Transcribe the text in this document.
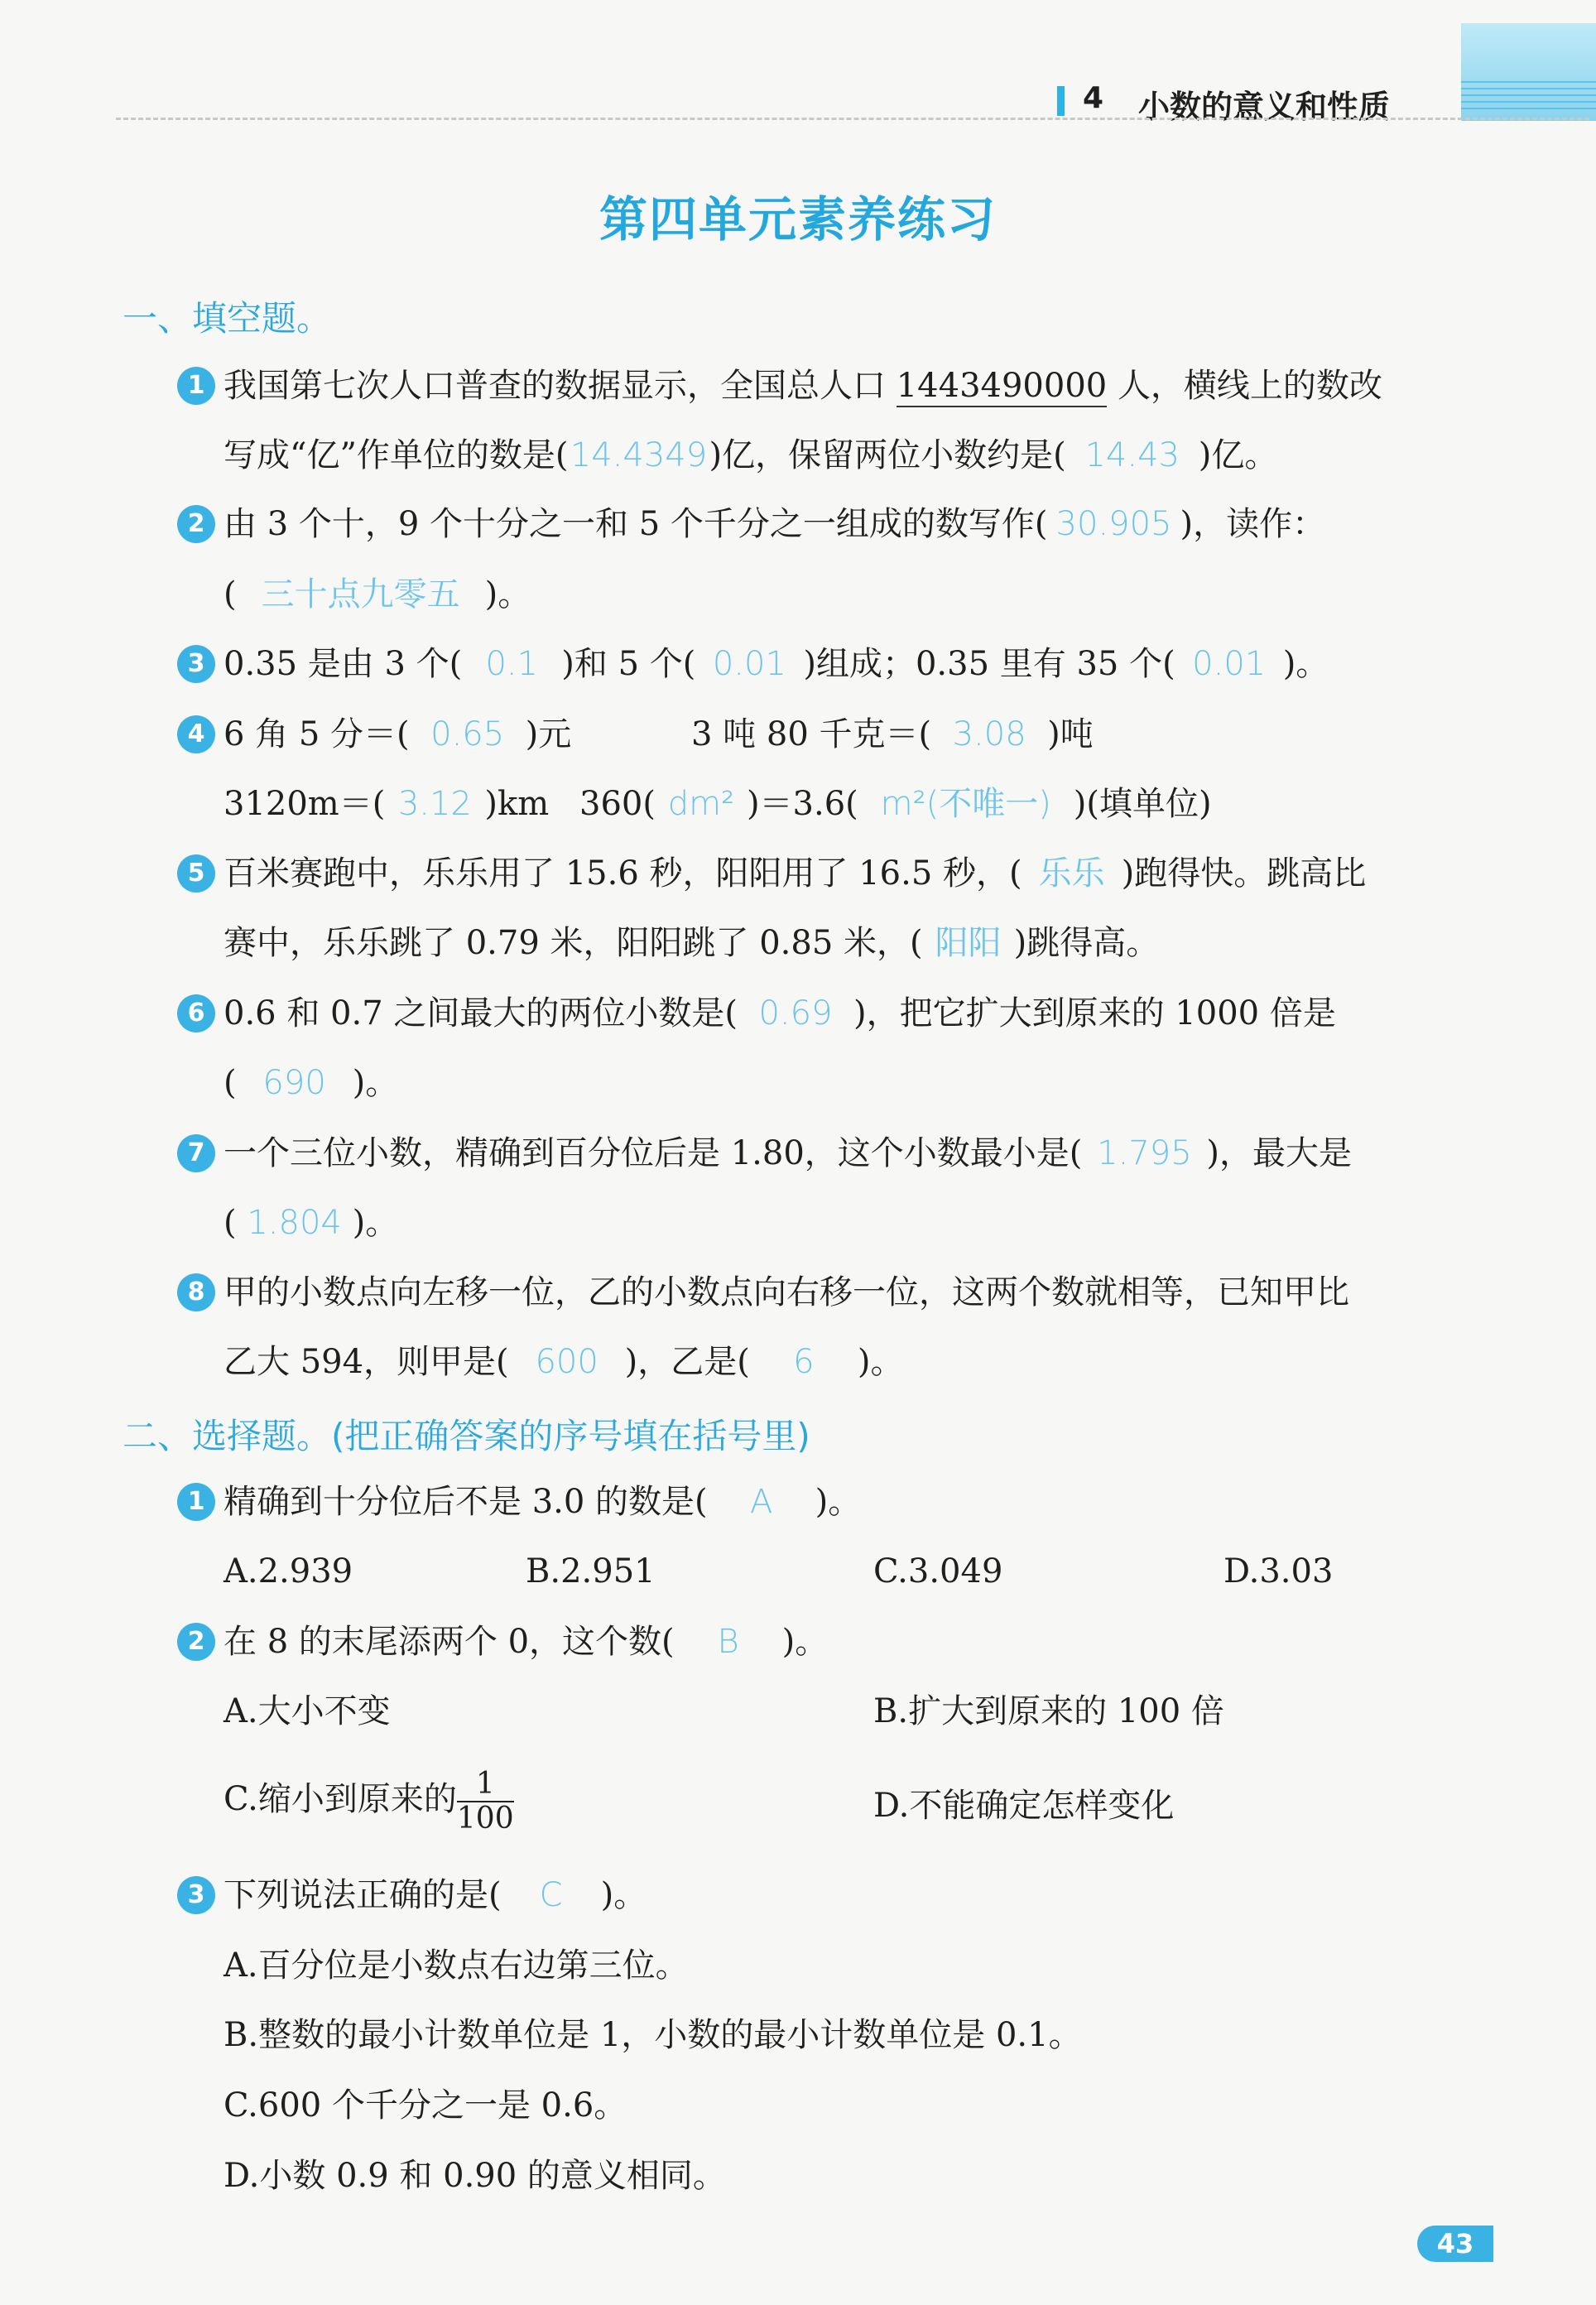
4 小数的意义和性质
第四单元素养练习
一、填空题。
1 我国第七次人口普查的数据显示，全国总人口 1443490000 人，横线上的数改
写成“亿”作单位的数是(14.4349)亿，保留两位小数约是( 14.43 )亿。
2 由 3 个十，9 个十分之一和 5 个千分之一组成的数写作( 30.905 )，读作：
( 三十点九零五 )。
3 0.35 是由 3 个( 0.1 )和 5 个( 0.01 )组成；0.35 里有 35 个( 0.01 )。
4 6 角 5 分＝( 0.65 )元	3 吨 80 千克＝( 3.08 )吨
3120m＝( 3.12 )km 360( dm² )＝3.6( m²(不唯一) )(填单位)
5 百米赛跑中，乐乐用了 15.6 秒，阳阳用了 16.5 秒，( 乐乐 )跑得快。跳高比
赛中，乐乐跳了 0.79 米，阳阳跳了 0.85 米，( 阳阳 )跳得高。
6 0.6 和 0.7 之间最大的两位小数是( 0.69 )，把它扩大到原来的 1000 倍是
( 690 )。
7 一个三位小数，精确到百分位后是 1.80，这个小数最小是( 1.795 )，最大是
( 1.804 )。
8 甲的小数点向左移一位，乙的小数点向右移一位，这两个数就相等，已知甲比
乙大 594，则甲是( 600 )，乙是( 6 )。
二、选择题。(把正确答案的序号填在括号里)
1 精确到十分位后不是 3.0 的数是( A )。
A.2.939	B.2.951	C.3.049	D.3.03
2 在 8 的末尾添两个 0，这个数( B )。
A.大小不变	B.扩大到原来的 100 倍
C.缩小到原来的 $\frac{1}{100}$	D.不能确定怎样变化
3 下列说法正确的是( C )。
A.百分位是小数点右边第三位。
B.整数的最小计数单位是 1，小数的最小计数单位是 0.1。
C.600 个千分之一是 0.6。
D.小数 0.9 和 0.90 的意义相同。
43
